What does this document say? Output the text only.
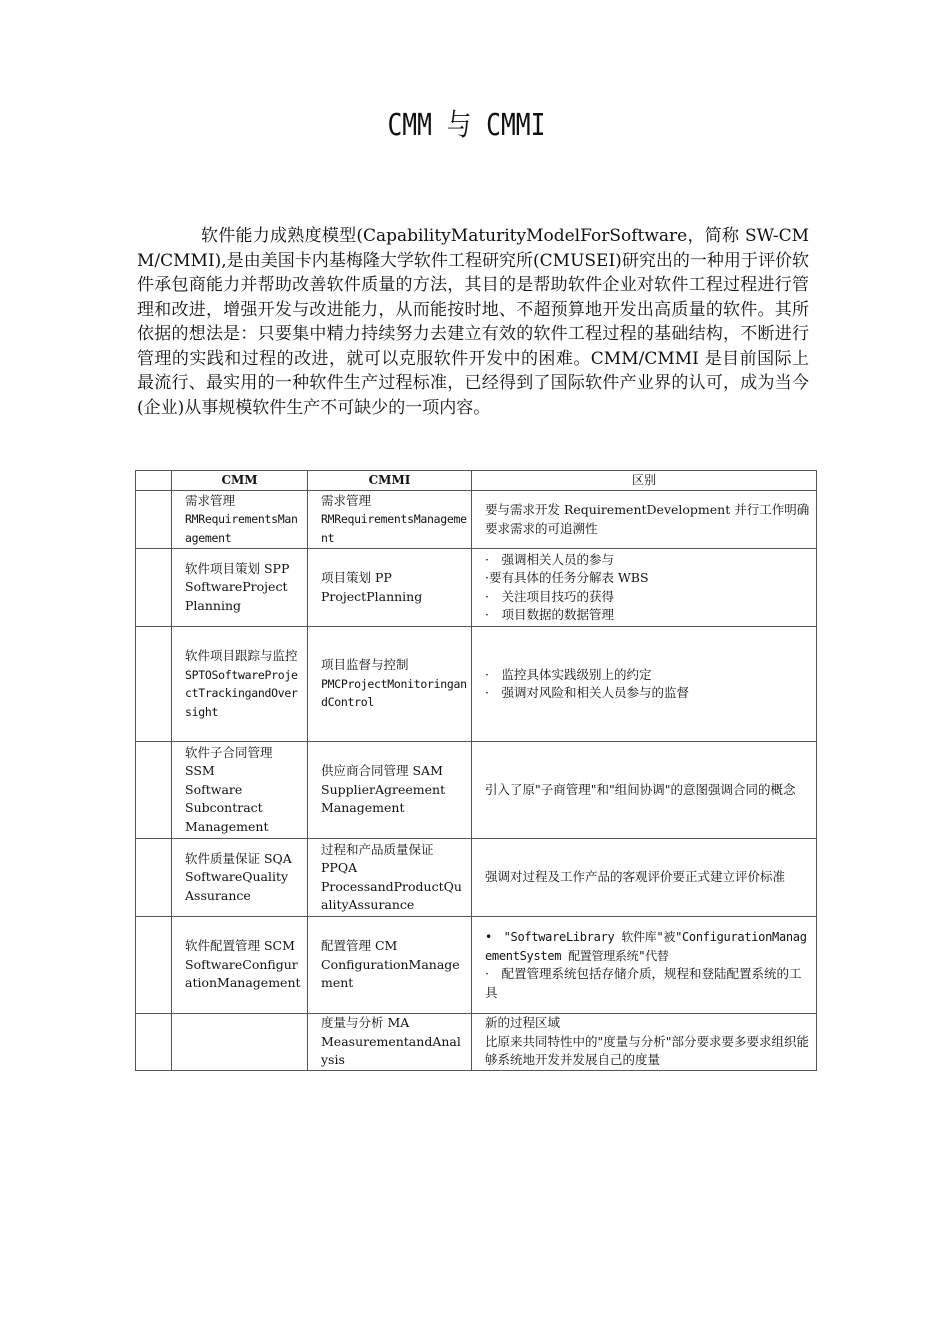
CMM 与 CMMI

软件能力成熟度模型(CapabilityMaturityModelForSoftware，简称 SW-CMM/CMMI),是由美国卡内基梅隆大学软件工程研究所(CMUSEI)研究出的一种用于评价软件承包商能力并帮助改善软件质量的方法，其目的是帮助软件企业对软件工程过程进行管理和改进，增强开发与改进能力，从而能按时地、不超预算地开发出高质量的软件。其所依据的想法是：只要集中精力持续努力去建立有效的软件工程过程的基础结构，不断进行管理的实践和过程的改进，就可以克服软件开发中的困难。CMM/CMMI 是目前国际上最流行、最实用的一种软件生产过程标准，已经得到了国际软件产业界的认可，成为当今(企业)从事规模软件生产不可缺少的一项内容。

	CMM	CMMI	区别

	需求管理
RMRequirementsManagement	需求管理
RMRequirementsManagement	要与需求开发 RequirementDevelopment 并行工作明确要求需求的可追溯性

	软件项目策划 SPP
SoftwareProject
Planning	项目策划 PP
ProjectPlanning	·　强调相关人员的参与
·要有具体的任务分解表 WBS
·　关注项目技巧的获得
·　项目数据的数据管理

	软件项目跟踪与监控
SPTOSoftwareProjectTrackingandOversight	项目监督与控制
PMCProjectMonitoringandControl	·　监控具体实践级别上的约定
·　强调对风险和相关人员参与的监督

	软件子合同管理
SSM
Software
Subcontract
Management	供应商合同管理 SAM
SupplierAgreement
Management	引入了原"子商管理"和"组间协调"的意图强调合同的概念

	软件质量保证 SQA
SoftwareQuality
Assurance	过程和产品质量保证
PPQA
ProcessandProductQualityAssurance	强调对过程及工作产品的客观评价要正式建立评价标准

	软件配置管理 SCM
SoftwareConfigurationManagement	配置管理 CM
ConfigurationManagement	•　"SoftwareLibrary 软件库"被"ConfigurationManagementSystem 配置管理系统"代替
·　配置管理系统包括存储介质，规程和登陆配置系统的工具

		度量与分析 MA
MeasurementandAnalysis	新的过程区域
比原来共同特性中的"度量与分析"部分要求要多要求组织能够系统地开发并发展自己的度量
